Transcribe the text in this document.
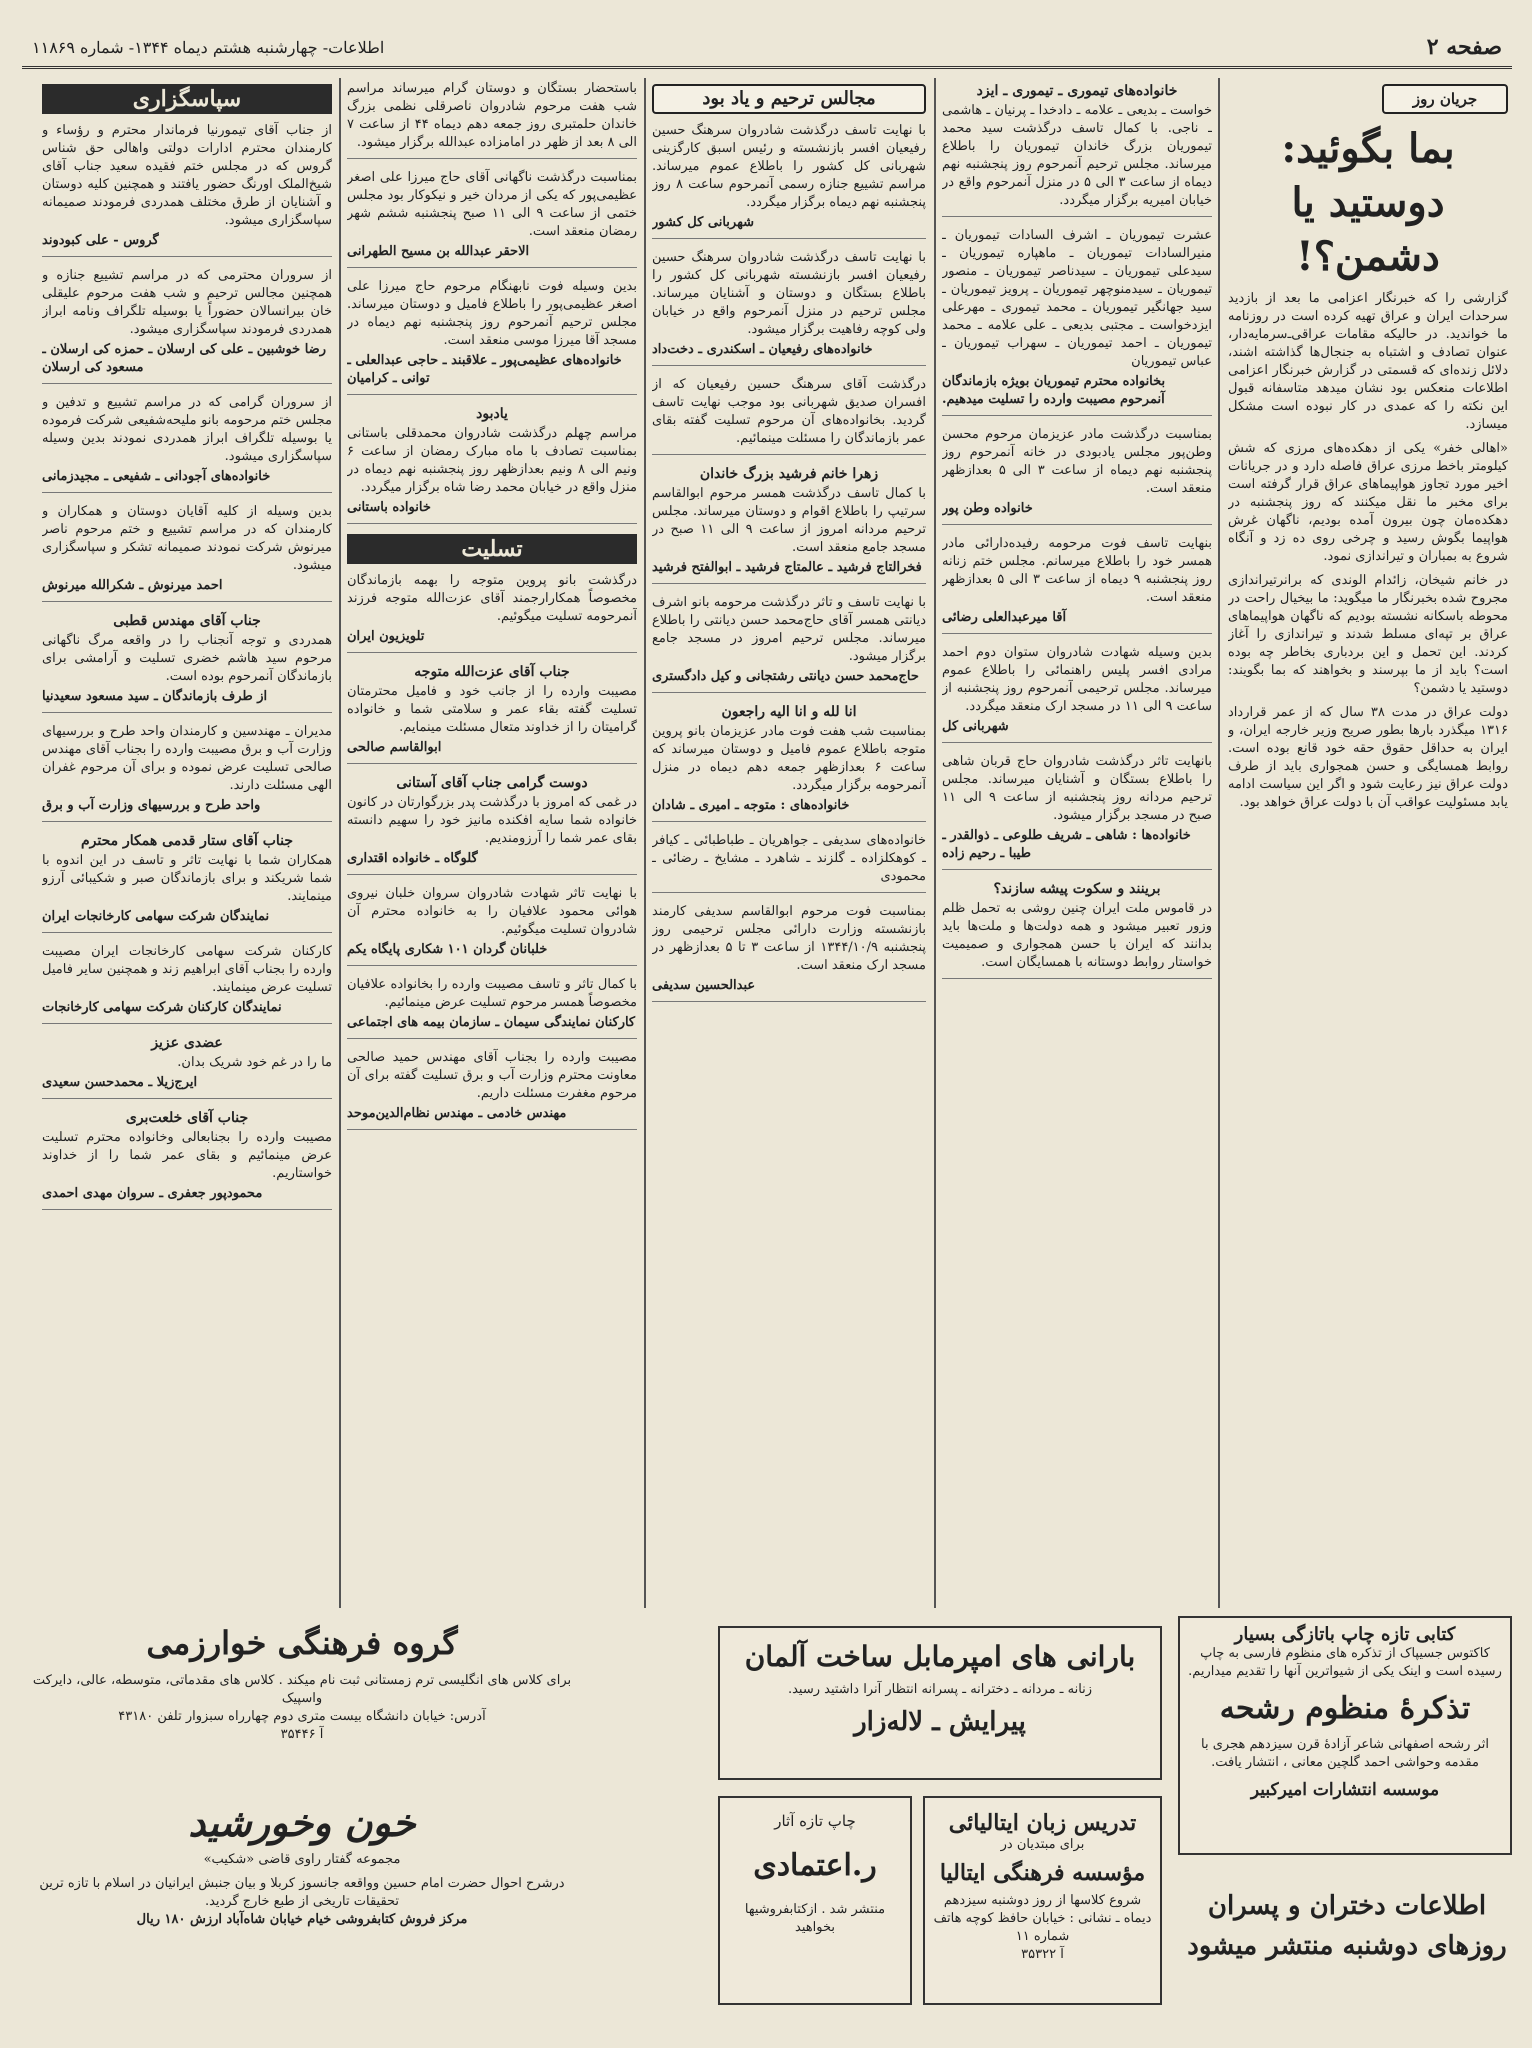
صفحه ۲
اطلاعات- چهارشنبه هشتم دیماه ۱۳۴۴- شماره ۱۱۸۶۹
جریان روز
بما بگوئید: دوستید یا دشمن؟!

گزارشی را که خبرنگار اعزامی ما بعد از بازدید سرحدات ایران و عراق تهیه کرده است در روزنامه ما خواندید. در حالیکه مقامات عراقی‌ـ‌سرمایه‌دار، عنوان تصادف و اشتباه به جنجال‌ها گذاشته اشند، دلائل زنده‌ای که قسمتی در گزارش خبرنگار اعزامی اطلاعات منعکس بود نشان میدهد متاسفانه قبول این نکته را که عمدی در کار نبوده است مشکل میسازد.

«اهالی خفر» یکی از دهکده‌های مرزی که شش کیلومتر باخط مرزی عراق فاصله دارد و در جریانات اخیر مورد تجاوز هواپیماهای عراق قرار گرفته است برای مخبر ما نقل میکنند که روز پنجشنبه در دهکده‌مان چون بیرون آمده بودیم، ناگهان غرش هواپیما بگوش رسید و چرخی روی ده زد و آنگاه شروع به بمباران و تیراندازی نمود.

در خانم شیخان، زائدام الوندی که برانرتیراندازی مجروح شده بخبرنگار ما میگوید: ما بیخیال راحت در محوطه باسکانه نشسته بودیم که ناگهان هواپیماهای عراق بر تپه‌ای مسلط شدند و تیراندازی را آغاز کردند. این تحمل و این بردباری بخاطر چه بوده است؟ باید از ما بپرسند و بخواهند که بما بگویند: دوستید یا دشمن؟

دولت عراق در مدت ۳۸ سال که از عمر قرارداد ۱۳۱۶ میگذرد بارها بطور صریح وزیر خارجه ایران، و ایران به حداقل حقوق حقه خود قانع بوده است. روابط همسایگی و حسن همجواری باید از طرف دولت عراق نیز رعایت شود و اگر این سیاست ادامه یابد مسئولیت عواقب آن با دولت عراق خواهد بود.

خانواده‌های تیموری ـ تیموری ـ ایزد

خواست ـ بدیعی ـ علامه ـ دادخدا ـ پرنیان ـ هاشمی ـ ناجی. با کمال تاسف درگذشت سید محمد تیموریان بزرگ خاندان تیموریان را باطلاع میرساند. مجلس ترحیم آنمرحوم روز پنجشنبه نهم دیماه از ساعت ۳ الی ۵ در منزل آنمرحوم واقع در خیابان امیریه برگزار میگردد.

عشرت تیموریان ـ اشرف السادات تیموریان ـ منیرالسادات تیموریان ـ ماهپاره تیموریان ـ سید‌علی تیموریان ـ سید‌ناصر تیموریان ـ منصور تیموریان ـ سید‌منوچهر تیموریان ـ پرویز تیموریان ـ سید جهانگیر تیموریان ـ محمد تیموری ـ مهرعلی ایزدخواست ـ مجتبی بدیعی ـ علی علامه ـ محمد تیموریان ـ احمد تیموریان ـ سهراب تیموریان ـ عباس تیموریان

بخانواده محترم تیموریان بویژه بازماندگان آنمرحوم مصیبت وارده را تسلیت میدهیم.

بمناسبت درگذشت مادر عزیزمان مرحوم محسن وطن‌پور مجلس یادبودی در خانه آنمرحوم روز پنجشنبه نهم دیماه از ساعت ۳ الی ۵ بعدازظهر منعقد است.

خانواده وطن پور

بنهایت تاسف فوت مرحومه رفیده‌دارائی مادر همسر خود را باطلاع میرسانم. مجلس ختم زنانه روز پنجشنبه ۹ دیماه از ساعت ۳ الی ۵ بعدازظهر منعقد است.

آقا میرعبدالعلی رضائی

بدین وسیله شهادت شادروان ستوان دوم احمد مرادی افسر پلیس راهنمائی را باطلاع عموم میرساند. مجلس ترحیمی آنمرحوم روز پنجشنبه از ساعت ۹ الی ۱۱ در مسجد ارک منعقد میگردد.

شهربانی کل

بانهایت تاثر درگذشت شادروان حاج قربان شاهی را باطلاع بستگان و آشنایان میرساند. مجلس ترحیم مردانه روز پنجشنبه از ساعت ۹ الی ۱۱ صبح در مسجد برگزار میشود.

خانواده‌ها : شاهی ـ شریف طلوعی ـ ذوالقدر ـ طیبا ـ رحیم زاده
برینند و سکوت پیشه سازند؟

در قاموس ملت ایران چنین روشی به تحمل ظلم وزور تعبیر میشود و همه دولت‌ها و ملت‌ها باید بدانند که ایران با حسن همجواری و صمیمیت خواستار روابط دوستانه با همسایگان است.

مجالس ترحیم و یاد بود

با نهایت تاسف درگذشت شادروان سرهنگ حسین رفیعیان افسر بازنشسته و رئیس اسبق کارگزینی شهربانی کل کشور را باطلاع عموم میرساند. مراسم تشییع جنازه رسمی آنمرحوم ساعت ۸ روز پنجشنبه نهم دیماه برگزار میگردد.

شهربانی کل کشور

با نهایت تاسف درگذشت شادروان سرهنگ حسین رفیعیان افسر بازنشسته شهربانی کل کشور را باطلاع بستگان و دوستان و آشنایان میرساند. مجلس ترحیم در منزل آنمرحوم واقع در خیابان ولی کوچه رفاهیت برگزار میشود.

خانواده‌های رفیعیان ـ اسکندری ـ دخت‌داد

درگذشت آقای سرهنگ حسین رفیعیان که از افسران صدیق شهربانی بود موجب نهایت تاسف گردید. بخانواده‌های آن مرحوم تسلیت گفته بقای عمر بازماندگان را مسئلت مینمائیم.

زهرا خانم فرشید بزرگ خاندان

با کمال تاسف درگذشت همسر مرحوم ابوالقاسم سرتیپ را باطلاع اقوام و دوستان میرساند. مجلس ترحیم مردانه امروز از ساعت ۹ الی ۱۱ صبح در مسجد جامع منعقد است.

فخرالتاج فرشید ـ عالمتاج فرشید ـ ابوالفتح فرشید

با نهایت تاسف و تاثر درگذشت مرحومه بانو اشرف دیانتی همسر آقای حاج‌محمد حسن دیانتی را باطلاع میرساند. مجلس ترحیم امروز در مسجد جامع برگزار میشود.

حاج‌محمد حسن دیانتی رشتجانی و کیل دادگستری
انا لله و انا الیه راجعون

بمناسبت شب هفت فوت مادر عزیزمان بانو پروین متوجه باطلاع عموم فامیل و دوستان میرساند که ساعت ۶ بعدازظهر جمعه دهم دیماه در منزل آنمرحومه برگزار میگردد.

خانواده‌های : متوجه ـ امیری ـ شادان

خانواده‌های سدیفی ـ جواهریان ـ طباطبائی ـ کیافر ـ کوهکلزاده ـ گلزند ـ شاهرد ـ مشایخ ـ رضائی ـ محمودی

بمناسبت فوت مرحوم ابوالقاسم سدیفی کارمند بازنشسته وزارت دارائی مجلس ترحیمی روز پنجشنبه ۱۳۴۴/۱۰/۹ از ساعت ۳ تا ۵ بعدازظهر در مسجد ارک منعقد است.

عبدالحسین سدیفی

باستحضار بستگان و دوستان گرام میرساند مراسم شب هفت مرحوم شادروان ناصرقلی نظمی بزرگ خاندان حلمتبری روز جمعه دهم دیماه ۴۴ از ساعت ۷ الی ۸ بعد از ظهر در امامزاده عبدالله برگزار میشود.

بمناسبت درگذشت ناگهانی آقای حاج میرزا علی اصغر عظیمی‌پور که یکی از مردان خیر و نیکوکار بود مجلس ختمی از ساعت ۹ الی ۱۱ صبح پنجشنبه ششم شهر رمضان منعقد است.

الاحقر عبدالله بن مسیح الطهرانی

بدین وسیله فوت نابهنگام مرحوم حاج میرزا علی اصغر عظیمی‌پور را باطلاع فامیل و دوستان میرساند. مجلس ترحیم آنمرحوم روز پنجشنبه نهم دیماه در مسجد آقا میرزا موسی منعقد است.

خانواده‌های عظیمی‌پور ـ علاقبند ـ حاجی عبدالعلی ـ توانی ـ کرامیان
یادبود

مراسم چهلم درگذشت شادروان محمدقلی باستانی بمناسبت تصادف با ماه مبارک رمضان از ساعت ۶ ونیم الی ۸ ونیم بعدازظهر روز پنجشنبه نهم دیماه در منزل واقع در خیابان محمد رضا شاه برگزار میگردد.

خانواده باستانی
تسلیت

درگذشت بانو پروین متوجه را بهمه بازماندگان مخصوصاً همکارارجمند آقای عزت‌الله متوجه فرزند آنمرحومه تسلیت میگوئیم.

تلویزیون ایران
جناب آقای عزت‌الله متوجه

مصیبت وارده را از جانب خود و فامیل محترمتان تسلیت گفته بقاء عمر و سلامتی شما و خانواده گرامیتان را از خداوند متعال مسئلت مینمایم.

ابوالقاسم صالحی
دوست گرامی جناب آقای آستانی

در غمی که امروز با درگذشت پدر بزرگوارتان در کانون خانواده شما سایه افکنده مانیز خود را سهیم دانسته بقای عمر شما را آرزومندیم.

گلوگاه ـ خانواده اقتداری

با نهایت تاثر شهادت شادروان سروان خلبان نیروی هوائی محمود علافیان را به خانواده محترم آن شادروان تسلیت میگوئیم.

خلبانان گردان ۱۰۱ شکاری پایگاه یکم

با کمال تاثر و تاسف مصیبت وارده را بخانواده علافیان مخصوصاً همسر مرحوم تسلیت عرض مینمائیم.

کارکنان نمایندگی سیمان ـ سازمان بیمه های اجتماعی

مصیبت وارده را بجناب آقای مهندس حمید صالحی معاونت محترم وزارت آب و برق تسلیت گفته برای آن مرحوم مغفرت مسئلت داریم.

مهندس خادمی ـ مهندس نظام‌الدین‌موحد
سپاسگزاری

از جناب آقای تیمورنیا فرماندار محترم و رؤساء و کارمندان محترم ادارات دولتی واهالی حق شناس گروس که در مجلس ختم فقیده سعید جناب آقای شیخ‌الملک اورنگ حضور یافتند و همچنین کلیه دوستان و آشنایان از طرق مختلف همدردی فرمودند صمیمانه سپاسگزاری میشود.

گروس - علی کبودوند

از سروران محترمی که در مراسم تشییع جنازه و همچنین مجالس ترحیم و شب هفت مرحوم علیقلی خان بیرانسالان حضوراً یا بوسیله تلگراف ونامه ابراز همدردی فرمودند سپاسگزاری میشود.

رضا خوشبین ـ علی کی ارسلان ـ حمزه کی ارسلان ـ مسعود کی ارسلان

از سروران گرامی که در مراسم تشییع و تدفین و مجلس ختم مرحومه بانو ملیحه‌شفیعی شرکت فرموده یا بوسیله تلگراف ابراز همدردی نمودند بدین وسیله سپاسگزاری میشود.

خانواده‌های آجودانی ـ شفیعی ـ مجیدزمانی

بدین وسیله از کلیه آقایان دوستان و همکاران و کارمندان که در مراسم تشییع و ختم مرحوم ناصر میرنوش شرکت نمودند صمیمانه تشکر و سپاسگزاری میشود.

احمد میرنوش ـ شکرالله میرنوش
جناب آقای مهندس قطبی

همدردی و توجه آنجناب را در واقعه مرگ ناگهانی مرحوم سید هاشم خضری تسلیت و آرامشی برای بازماندگان آنمرحوم بوده است.

از طرف بازماندگان ـ سید مسعود سعیدنیا

مدیران ـ مهندسین و کارمندان واحد طرح و بررسیهای وزارت آب و برق مصیبت وارده را بجناب آقای مهندس صالحی تسلیت عرض نموده و برای آن مرحوم غفران الهی مسئلت دارند.

واحد طرح و بررسیهای وزارت آب و برق
جناب آقای ستار قدمی همکار محترم

همکاران شما با نهایت تاثر و تاسف در این اندوه با شما شریکند و برای بازماندگان صبر و شکیبائی آرزو مینمایند.

نمایندگان شرکت سهامی کارخانجات ایران

کارکنان شرکت سهامی کارخانجات ایران مصیبت وارده را بجناب آقای ابراهیم زند و همچنین سایر فامیل تسلیت عرض مینمایند.

نمایندگان کارکنان شرکت سهامی کارخانجات
عضدی عزیز

ما را در غم خود شریک بدان.

ایرج‌زیلا ـ محمدحسن سعیدی
جناب آقای خلعت‌بری

مصیبت وارده را بجنابعالی وخانواده محترم تسلیت عرض مینمائیم و بقای عمر شما را از خداوند خواستاریم.

محمودپور جعفری ـ سروان مهدی احمدی
کتابی تازه چاپ باتازگی بسیار
کاکتوس جسیپاک از تذکره های منظوم فارسی به چاپ رسیده است و اینک یکی از شیواترین آنها را تقدیم میداریم.
تذکرهٔ منظوم رشحه
اثر رشحه اصفهانی شاعر آزادهٔ قرن سیزدهم هجری با مقدمه وحواشی احمد گلچین معانی ، انتشار یافت.
موسسه انتشارات امیرکبیر
اطلاعات دختران و پسران روزهای دوشنبه منتشر میشود
بارانی های امپرمابل ساخت آلمان
زنانه ـ مردانه ـ دخترانه ـ پسرانه انتظار آنرا داشتید رسید.
پیرایش ـ لاله‌زار
تدریس زبان ایتالیائی
برای مبتدیان در
مؤسسه فرهنگی ایتالیا
شروع کلاسها از روز دوشنبه سیزدهم دیماه ـ نشانی : خیابان حافظ کوچه هاتف شماره ۱۱
آ ۳۵۳۲۲
چاپ تازه آثار
ر.اعتمادی
منتشر شد . ازکتابفروشیها بخواهید
گروه فرهنگی خوارزمی
برای کلاس های انگلیسی ترم زمستانی ثبت نام میکند . کلاس های مقدماتی، متوسطه، عالی، دایرکت واسپیک
آدرس: خیابان دانشگاه بیست متری دوم چهارراه سبزوار تلفن ۴۳۱۸۰
آ ۳۵۴۴۶
خون وخورشید
مجموعه گفتار راوی قاضی «شکیب»
درشرح احوال حضرت امام حسین وواقعه جانسوز کربلا و بیان جنبش ایرانیان در اسلام با تازه ترین تحقیقات تاریخی از طبع خارج گردید.
مرکز فروش کتابفروشی خیام خیابان شاه‌آباد ارزش ۱۸۰ ریال
